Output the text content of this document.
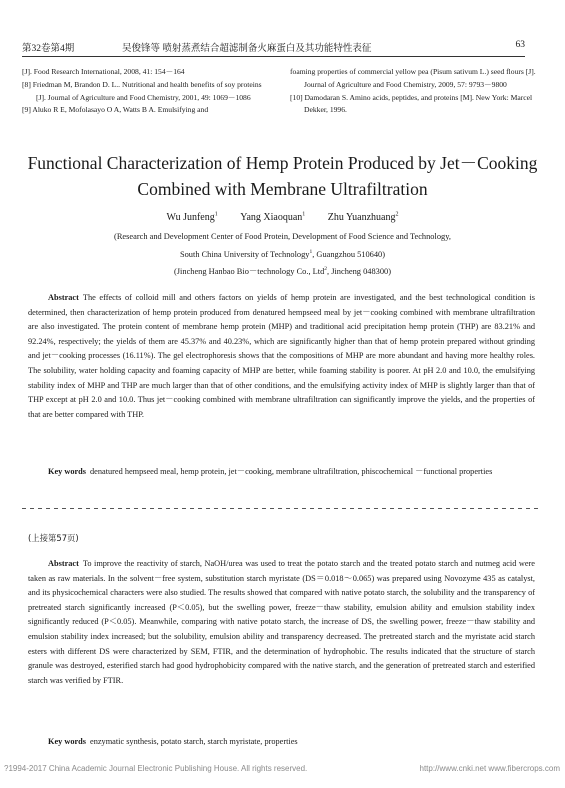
第32卷第4期	吴俊锋等 喷射蒸煮结合超滤制备火麻蛋白及其功能特性表征	63
[J]. Food Research International, 2008, 41: 154－164
[8] Friedman M, Brandon D. L.. Nutritional and health benefits of soy proteins [J]. Journal of Agriculture and Food Chemistry, 2001, 49: 1069－1086
[9] Aluko R E, Mofolasayo O A, Watts B A. Emulsifying and
foaming properties of commercial yellow pea (Pisum sativum L.) seed flours [J]. Journal of Agriculture and Food Chemistry, 2009, 57: 9793－9800
[10] Damodaran S. Amino acids, peptides, and proteins [M]. New York: Marcel Dekker, 1996.
Functional Characterization of Hemp Protein Produced by Jet－Cooking Combined with Membrane Ultrafiltration
Wu Junfeng$^1$ Yang Xiaoquan$^1$ Zhu Yuanzhuang$^2$
(Research and Development Center of Food Protein, Development of Food Science and Technology,
South China University of Technology$^1$, Guangzhou 510640)
(Jincheng Hanbao Bio－technology Co., Ltd$^2$, Jincheng 048300)
Abstract The effects of colloid mill and others factors on yields of hemp protein are investigated, and the best technological condition is determined, then characterization of hemp protein produced from denatured hempseed meal by jet－cooking combined with membrane ultrafiltration are also investigated. The protein content of membrane hemp protein (MHP) and traditional acid precipitation hemp protein (THP) are 83.21% and 92.24%, respectively; the yields of them are 45.37% and 40.23%, which are significantly higher than that of hemp protein prepared without grinding and jet－cooking processes (16.11%). The gel electrophoresis shows that the compositions of MHP are more abundant and having more healthy roles. The solubility, water holding capacity and foaming capacity of MHP are better, while foaming stability is poorer. At pH 2.0 and 10.0, the emulsifying stability index of MHP and THP are much larger than that of other conditions, and the emulsifying activity index of MHP is slightly larger than that of THP except at pH 2.0 and 10.0. Thus jet－cooking combined with membrane ultrafiltration can significantly improve the yields, and the properties of that are better compared with THP.
Key words denatured hempseed meal, hemp protein, jet－cooking, membrane ultrafiltration, phiscochemical －functional properties
(上接第57页)
Abstract To improve the reactivity of starch, NaOH/urea was used to treat the potato starch and the treated potato starch and nutmeg acid were taken as raw materials. In the solvent－free system, substitution starch myristate (DS＝0.018～0.065) was prepared using Novozyme 435 as catalyst, and its physicochemical characters were also studied. The results showed that compared with native potato starch, the solubility and the transparency of pretreated starch significantly increased (P＜0.05), but the swelling power, freeze－thaw stability, emulsion ability and emulsion stability index significantly reduced (P＜0.05). Meanwhile, comparing with native potato starch, the increase of DS, the swelling power, freeze－thaw stability and emulsion stability index increased; but the solubility, emulsion ability and transparency decreased. The pretreated starch and the myristate acid starch esters with different DS were characterized by SEM, FTIR, and the determination of hydrophobic. The results indicated that the structure of starch granule was destroyed, esterified starch had good hydrophobicity compared with the native starch, and the generation of pretreated starch and esterified starch was verified by FTIR.
Key words enzymatic synthesis, potato starch, starch myristate, properties
?1994-2017 China Academic Journal Electronic Publishing House. All rights reserved.	http://www.cnki.net www.fibercrops.com
